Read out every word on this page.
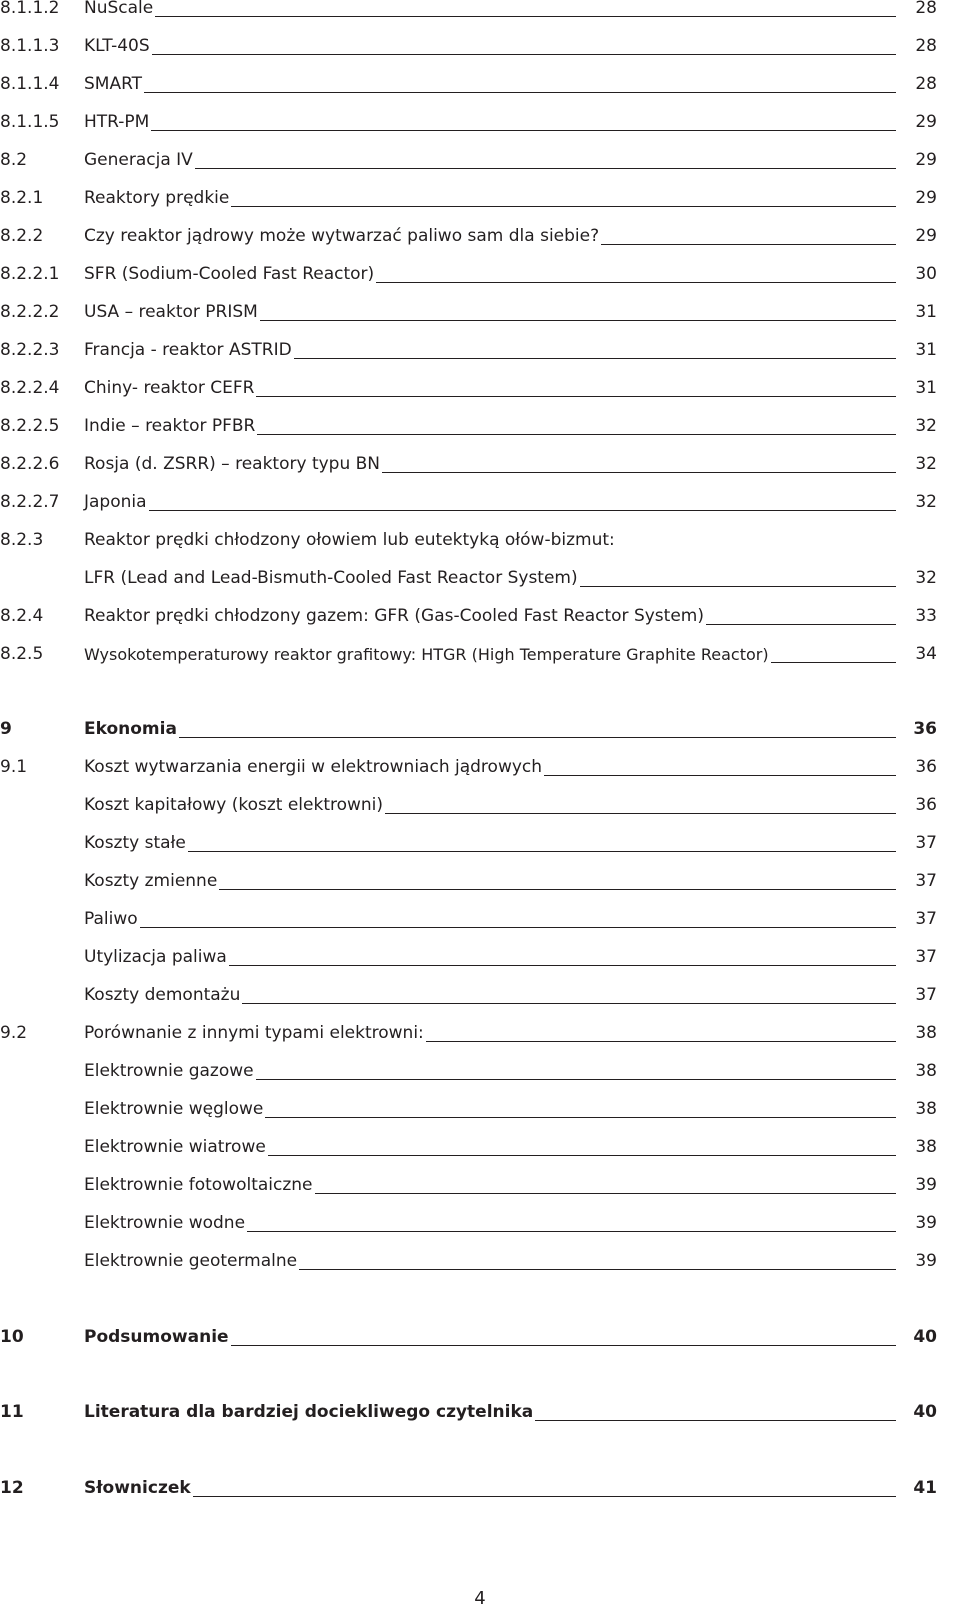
8.1.1.2 NuScale	28
8.1.1.3 KLT-40S	28
8.1.1.4 SMART	28
8.1.1.5 HTR-PM	29
8.2	Generacja IV	29
8.2.1 Reaktory prędkie	29
8.2.2 Czy reaktor jądrowy może wytwarzać paliwo sam dla siebie?	29
8.2.2.1 SFR (Sodium-Cooled Fast Reactor)	30
8.2.2.2 USA – reaktor PRISM	31
8.2.2.3 Francja - reaktor ASTRID	31
8.2.2.4 Chiny- reaktor CEFR	31
8.2.2.5 Indie – reaktor PFBR	32
8.2.2.6 Rosja (d. ZSRR) – reaktory typu BN	32
8.2.2.7 Japonia	32
8.2.3 Reaktor prędki chłodzony ołowiem lub eutektyką ołów-bizmut:
LFR (Lead and Lead-Bismuth-Cooled Fast Reactor System)	32
8.2.4 Reaktor prędki chłodzony gazem: GFR (Gas-Cooled Fast Reactor System)	33
8.2.5	Wysokotemperaturowy reaktor grafitowy: HTGR (High Temperature Graphite Reactor)	34
9	Ekonomia	36
9.1	Koszt wytwarzania energii w elektrowniach jądrowych	36
Koszt kapitałowy (koszt elektrowni)	36
Koszty stałe	37
Koszty zmienne	37
Paliwo	37
Utylizacja paliwa	37
Koszty demontażu	37
9.2	Porównanie z innymi typami elektrowni:	38
Elektrownie gazowe	38
Elektrownie węglowe	38
Elektrownie wiatrowe	38
Elektrownie fotowoltaiczne	39
Elektrownie wodne	39
Elektrownie geotermalne	39
10	Podsumowanie	40
11	Literatura dla bardziej dociekliwego czytelnika	40
12	Słowniczek	41
4
